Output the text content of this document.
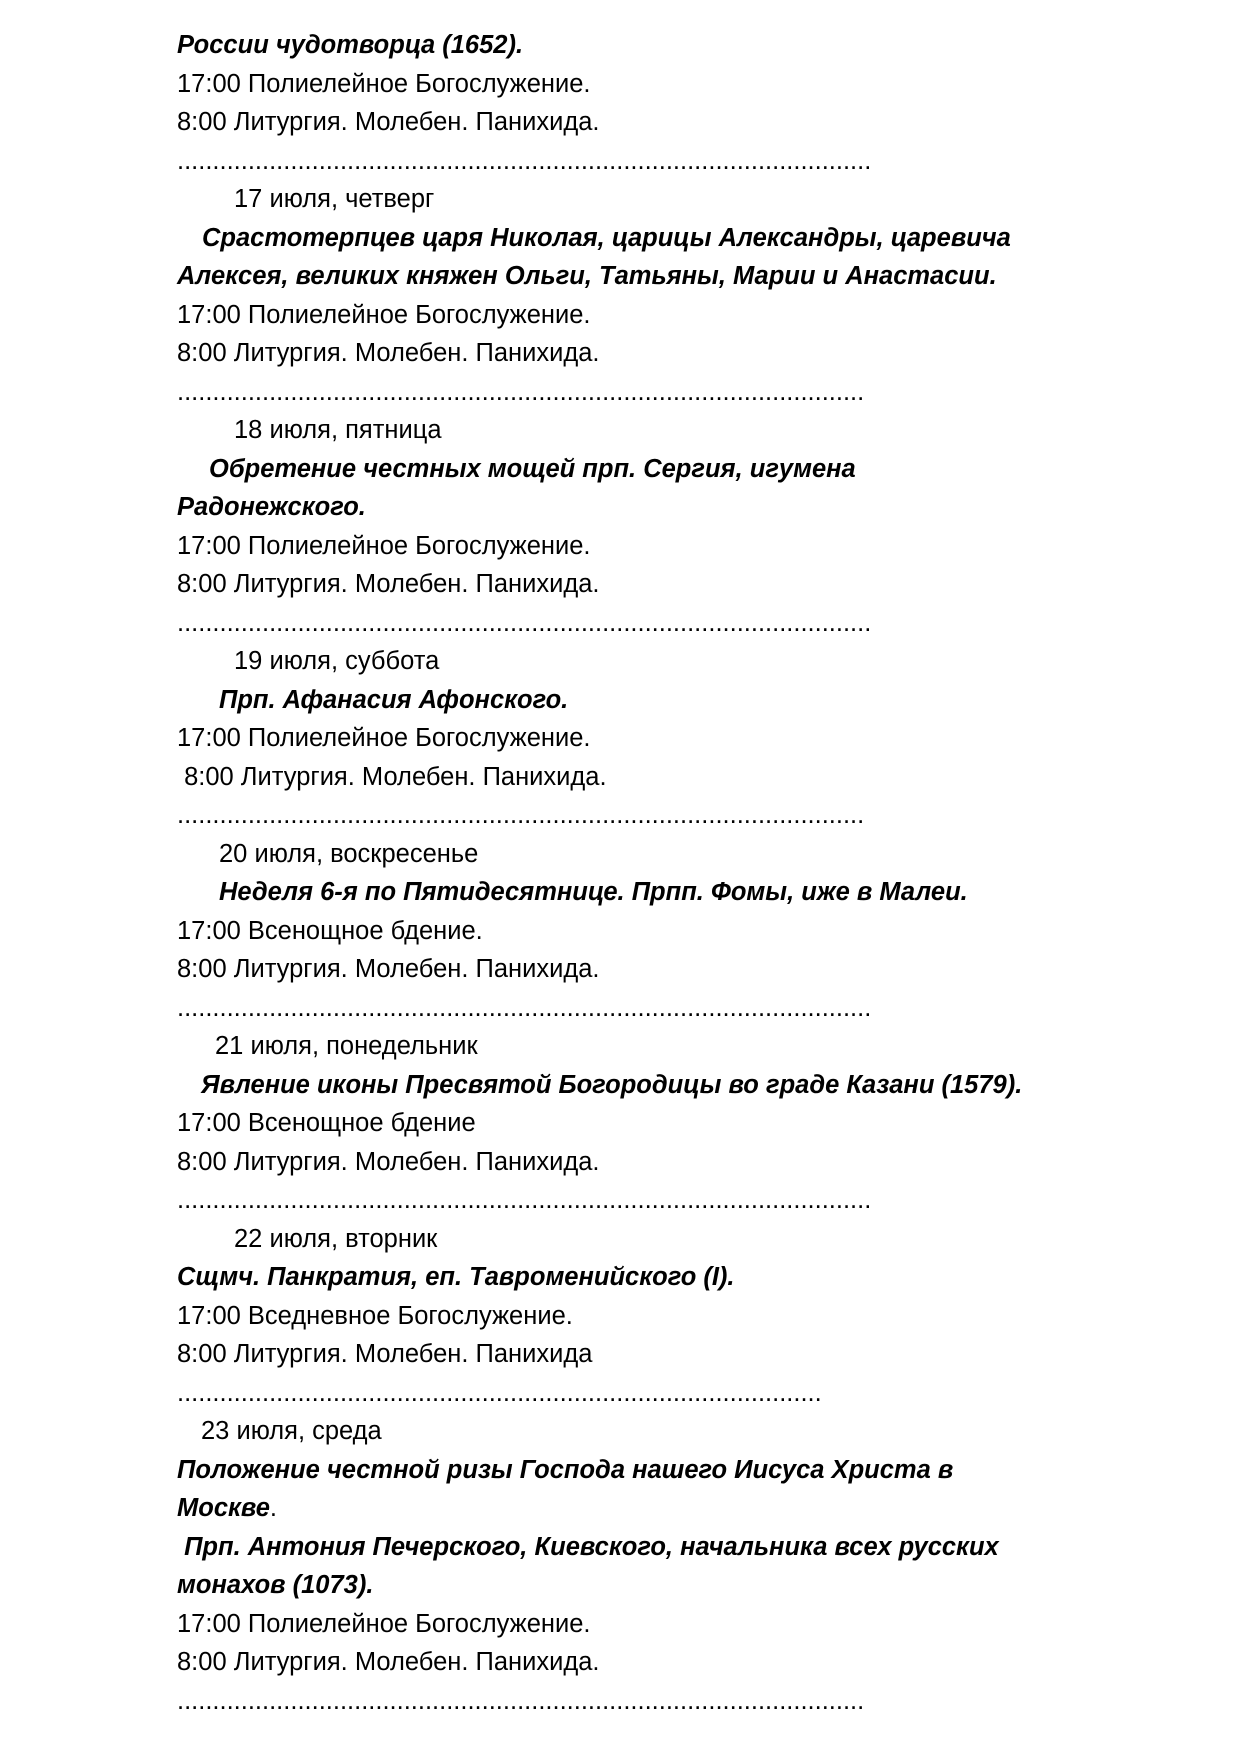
России чудотворца (1652).
17:00 Полиелейное Богослужение.
8:00 Литургия. Молебен. Панихида.
..................................................................................................
17 июля, четверг
Срастотерпцев царя Николая, царицы Александры, царевича
Алексея, великих княжен Ольги, Татьяны, Марии и Анастасии.
17:00 Полиелейное Богослужение.
8:00 Литургия. Молебен. Панихида.
.................................................................................................
18 июля, пятница
Обретение честных мощей прп. Сергия, игумена
Радонежского.
17:00 Полиелейное Богослужение.
8:00 Литургия. Молебен. Панихида.
..................................................................................................
19 июля, суббота
Прп. Афанасия Афонского.
17:00 Полиелейное Богослужение.
8:00 Литургия. Молебен. Панихида.
.................................................................................................
20 июля, воскресенье
Неделя 6-я по Пятидесятнице. Прпп. Фомы, иже в Малеи.
17:00 Всенощное бдение.
8:00 Литургия. Молебен. Панихида.
..................................................................................................
21 июля, понедельник
Явление иконы Пресвятой Богородицы во граде Казани (1579).
17:00 Всенощное бдение
8:00 Литургия. Молебен. Панихида.
..................................................................................................
22 июля, вторник
Сщмч. Панкратия, еп. Тавроменийского (I).
17:00 Вседневное Богослужение.
8:00 Литургия. Молебен. Панихида
...........................................................................................
23 июля, среда
Положение честной ризы Господа нашего Иисуса Христа в
Москве.
Прп. Антония Печерского, Киевского, начальника всех русских
монахов (1073).
17:00 Полиелейное Богослужение.
8:00 Литургия. Молебен. Панихида.
.................................................................................................
